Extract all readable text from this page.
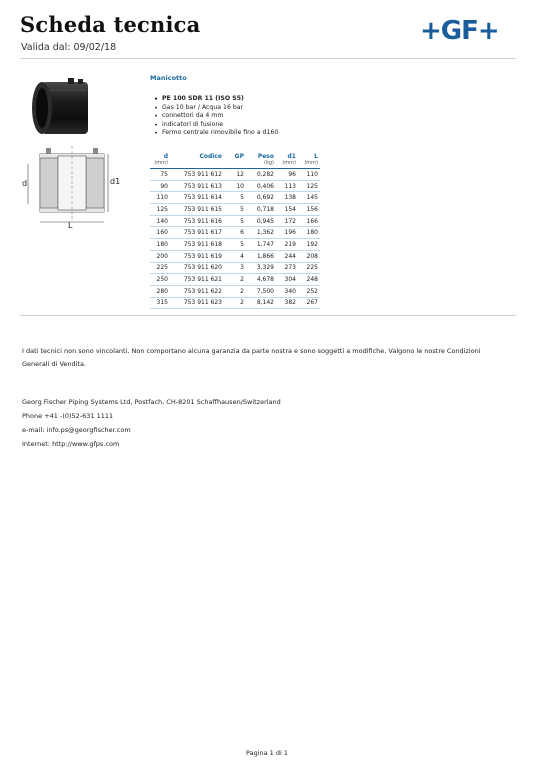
Scheda tecnica
Valida dal: 09/02/18
+GF+
d	d1
L
Manicotto
• PE 100 SDR 11 (ISO S5)
• Gas 10 bar / Acqua 16 bar
• connettori da 4 mm
• indicatori di fusione
• Fermo centrale rimovibile fino a d160
d	Codice	GP	Peso	d1	L
(mm)			(kg)	(mm)	(mm)
75	753 911 612	12	0,282	96	110
90	753 911 613	10	0,406	113	125
110	753 911 614	5	0,692	138	145
125	753 911 615	5	0,718	154	156
140	753 911 616	5	0,945	172	166
160	753 911 617	6	1,362	196	180
180	753 911 618	5	1,747	219	192
200	753 911 619	4	1,866	244	208
225	753 911 620	3	3,329	273	225
250	753 911 621	2	4,678	304	248
280	753 911 622	2	7,500	340	252
315	753 911 623	2	8,142	382	267
I dati tecnici non sono vincolanti. Non comportano alcuna garanzia da parte nostra e sono soggetti a modifiche. Valgono le nostre Condizioni Generali di Vendita.
Georg Fischer Piping Systems Ltd, Postfach, CH-8201 Schaffhausen/Switzerland
Phone +41 -(0)52-631 1111
e-mail: info.ps@georgfischer.com
Internet: http://www.gfps.com
Pagina 1 di 1
